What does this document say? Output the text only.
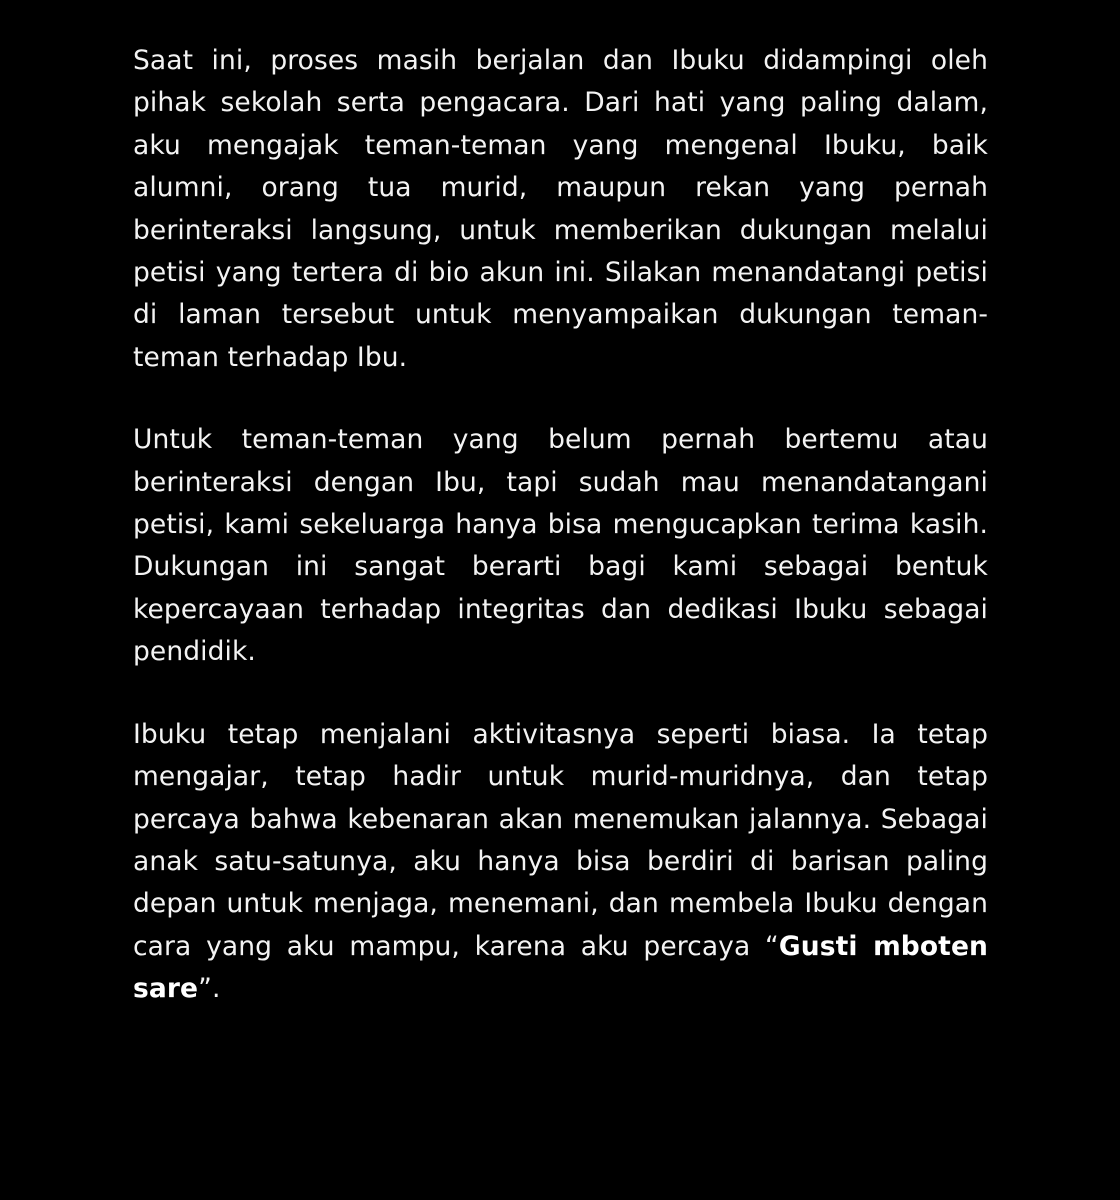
Saat ini, proses masih berjalan dan Ibuku didampingi oleh pihak sekolah serta pengacara. Dari hati yang paling dalam, aku mengajak teman-teman yang mengenal Ibuku, baik alumni, orang tua murid, maupun rekan yang pernah berinteraksi langsung, untuk memberikan dukungan melalui petisi yang tertera di bio akun ini. Silakan menandatangi petisi di laman tersebut untuk menyampaikan dukungan teman-teman terhadap Ibu.

Untuk teman-teman yang belum pernah bertemu atau berinteraksi dengan Ibu, tapi sudah mau menandatangani petisi, kami sekeluarga hanya bisa mengucapkan terima kasih. Dukungan ini sangat berarti bagi kami sebagai bentuk kepercayaan terhadap integritas dan dedikasi Ibuku sebagai pendidik.

Ibuku tetap menjalani aktivitasnya seperti biasa. Ia tetap mengajar, tetap hadir untuk murid-muridnya, dan tetap percaya bahwa kebenaran akan menemukan jalannya. Sebagai anak satu-satunya, aku hanya bisa berdiri di barisan paling depan untuk menjaga, menemani, dan membela Ibuku dengan cara yang aku mampu, karena aku percaya “Gusti mboten sare”.
